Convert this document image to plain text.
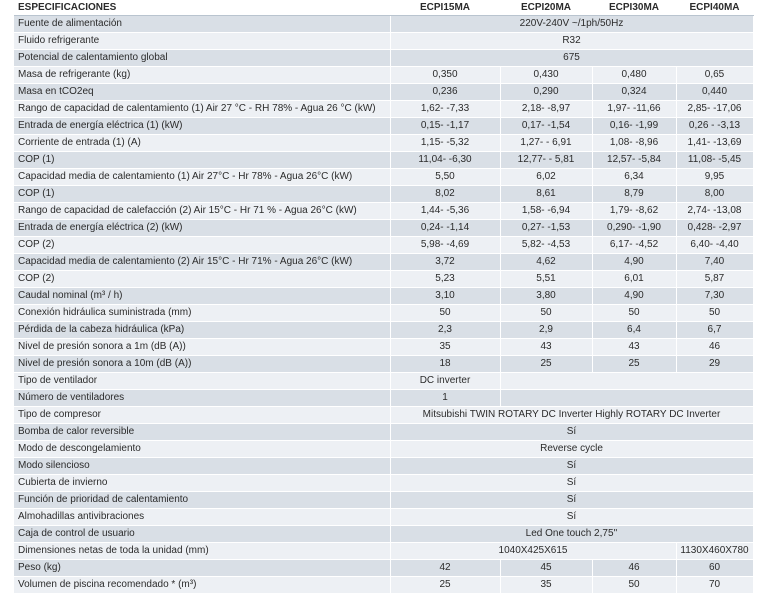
ESPECIFICACIONES	ECPI15MA	ECPI20MA	ECPI30MA	ECPI40MA
Fuente de alimentación	220V-240V ~/1ph/50Hz			
Fluido refrigerante	R32			
Potencial de calentamiento global	675			
Masa de refrigerante (kg)	0,350	0,430	0,480	0,65
Masa en tCO2eq	0,236	0,290	0,324	0,440
Rango de capacidad de calentamiento (1) Air 27 °C - RH 78% - Agua 26 °C (kW)	1,62- -7,33	2,18- -8,97	1,97- -11,66	2,85- -17,06
Entrada de energía eléctrica (1) (kW)	0,15- -1,17	0,17- -1,54	0,16- -1,99	0,26 - -3,13
Corriente de entrada (1) (A)	1,15- -5,32	1,27- - 6,91	1,08- -8,96	1,41- -13,69
COP (1)	11,04- -6,30	12,77- - 5,81	12,57- -5,84	11,08- -5,45
Capacidad media de calentamiento (1) Air 27°C - Hr 78% - Agua 26°C (kW)	5,50	6,02	6,34	9,95
COP (1)	8,02	8,61	8,79	8,00
Rango de capacidad de calefacción (2) Air 15°C - Hr 71 % - Agua 26°C (kW)	1,44- -5,36	1,58- -6,94	1,79- -8,62	2,74- -13,08
Entrada de energía eléctrica (2) (kW)	0,24- -1,14	0,27- -1,53	0,290- -1,90	0,428- -2,97
COP (2)	5,98- -4,69	5,82- -4,53	6,17- -4,52	6,40- -4,40
Capacidad media de calentamiento (2) Air 15°C - Hr 71% - Agua 26°C (kW)	3,72	4,62	4,90	7,40
COP (2)	5,23	5,51	6,01	5,87
Caudal nominal (m³ / h)	3,10	3,80	4,90	7,30
Conexión hidráulica suministrada (mm)	50	50	50	50
Pérdida de la cabeza hidráulica (kPa)	2,3	2,9	6,4	6,7
Nivel de presión sonora a 1m (dB (A))	35	43	43	46
Nivel de presión sonora a 10m (dB (A))	18	25	25	29
Tipo de ventilador	DC inverter			
Número de ventiladores	1			
Tipo de compresor	Mitsubishi TWIN ROTARY DC Inverter Highly ROTARY DC Inverter			
Bomba de calor reversible	Sí			
Modo de descongelamiento	Reverse cycle			
Modo silencioso	Sí			
Cubierta de invierno	Sí			
Función de prioridad de calentamiento	Sí			
Almohadillas antivibraciones	Sí			
Caja de control de usuario	Led One touch 2,75''			
Dimensiones netas de toda la unidad (mm)	1040X425X615			1130X460X780
Peso (kg)	42	45	46	60
Volumen de piscina recomendado * (m³)	25	35	50	70
